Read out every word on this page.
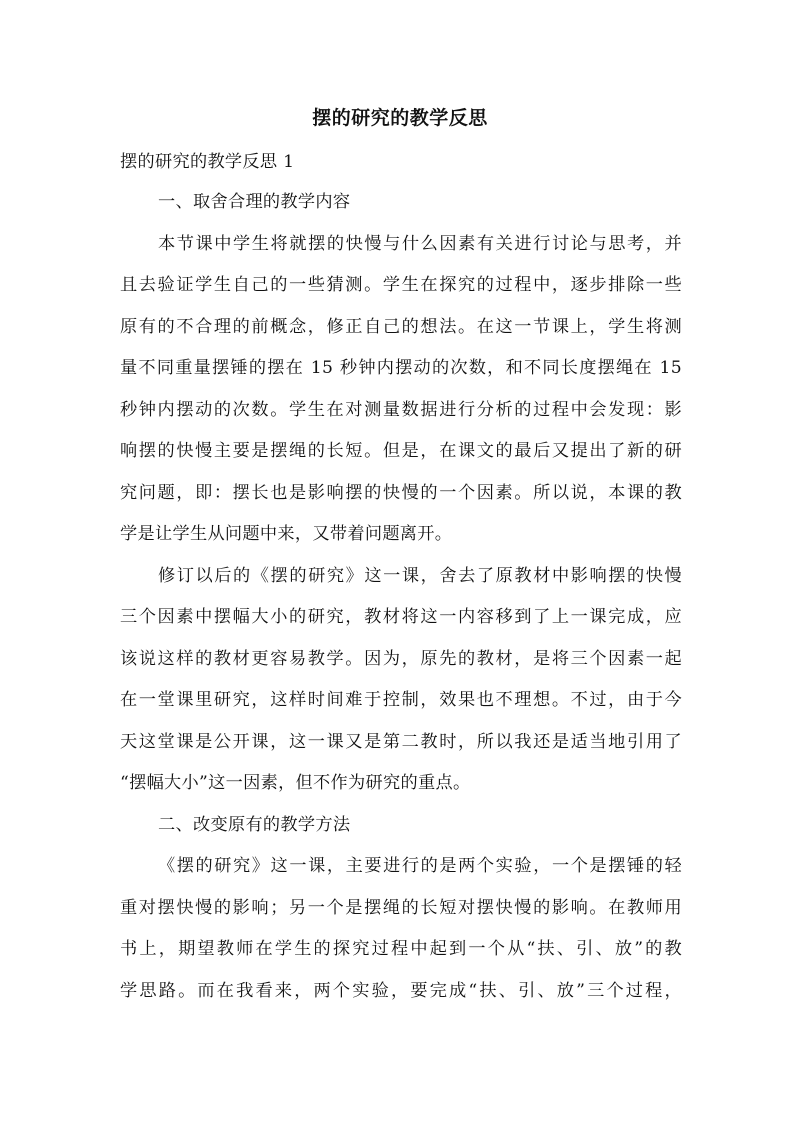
摆的研究的教学反思
摆的研究的教学反思 1
一、取舍合理的教学内容
本节课中学生将就摆的快慢与什么因素有关进行讨论与思考，并
且去验证学生自己的一些猜测。学生在探究的过程中，逐步排除一些
原有的不合理的前概念，修正自己的想法。在这一节课上，学生将测
量不同重量摆锤的摆在 15 秒钟内摆动的次数，和不同长度摆绳在 15
秒钟内摆动的次数。学生在对测量数据进行分析的过程中会发现：影
响摆的快慢主要是摆绳的长短。但是，在课文的最后又提出了新的研
究问题，即：摆长也是影响摆的快慢的一个因素。所以说，本课的教
学是让学生从问题中来，又带着问题离开。
修订以后的《摆的研究》这一课，舍去了原教材中影响摆的快慢
三个因素中摆幅大小的研究，教材将这一内容移到了上一课完成，应
该说这样的教材更容易教学。因为，原先的教材，是将三个因素一起
在一堂课里研究，这样时间难于控制，效果也不理想。不过，由于今
天这堂课是公开课，这一课又是第二教时，所以我还是适当地引用了
“摆幅大小”这一因素，但不作为研究的重点。
二、改变原有的教学方法
《摆的研究》这一课，主要进行的是两个实验，一个是摆锤的轻
重对摆快慢的影响；另一个是摆绳的长短对摆快慢的影响。在教师用
书上，期望教师在学生的探究过程中起到一个从“扶、引、放”的教
学思路。而在我看来，两个实验，要完成“扶、引、放”三个过程，
